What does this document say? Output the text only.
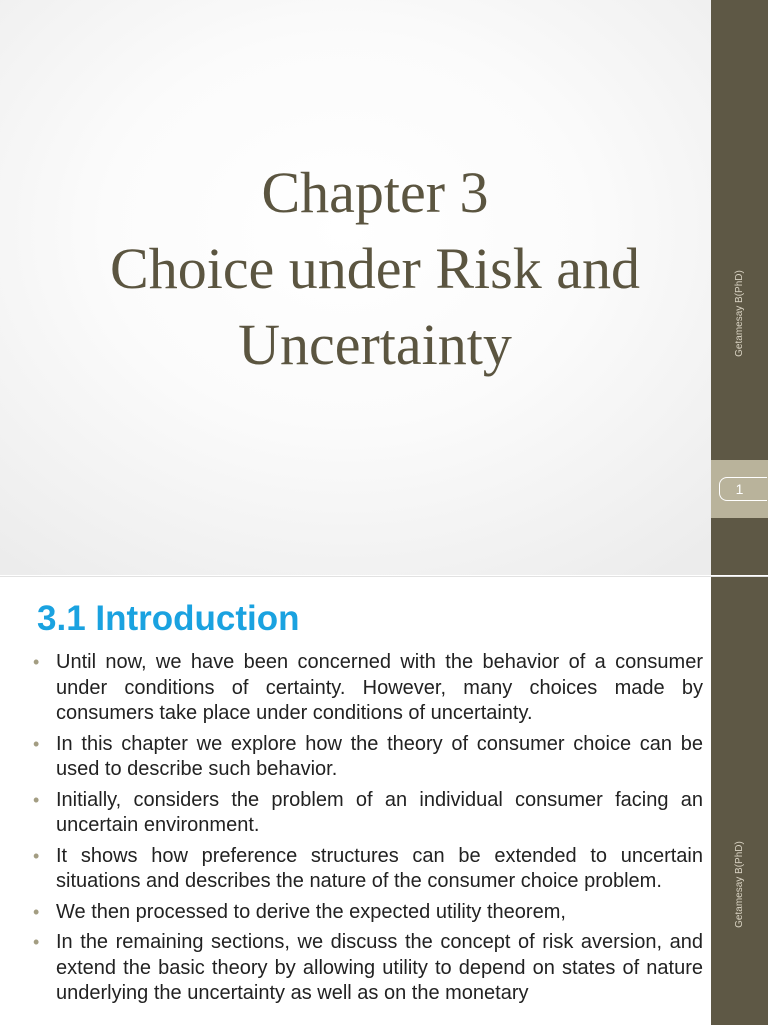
Chapter 3
Choice under Risk and
Uncertainty	Getamesay B(PhD)
1
3.1 Introduction
• Until now, we have been concerned with the behavior of a consumer under conditions of certainty. However, many choices made by consumers take place under conditions of uncertainty.
• In this chapter we explore how the theory of consumer choice can be used to describe such behavior.
• Initially, considers the problem of an individual consumer facing an uncertain environment.
• It shows how preference structures can be extended to uncertain situations and describes the nature of the consumer choice problem.
• We then processed to derive the expected utility theorem,
• In the remaining sections, we discuss the concept of risk aversion, and extend the basic theory by allowing utility to depend on states of nature underlying the uncertainty as well as on the monetary
Getamesay B(PhD)
